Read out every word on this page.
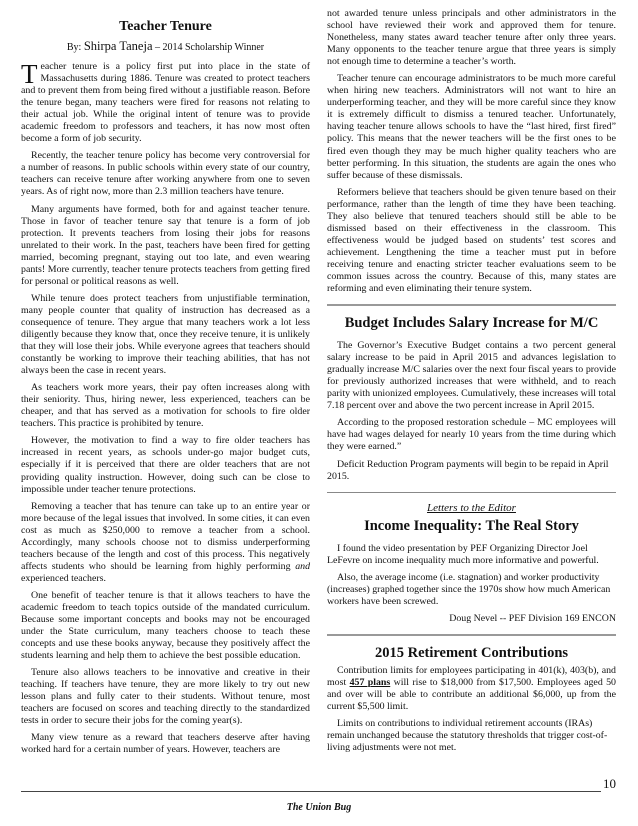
Teacher Tenure
By: Shirpa Taneja – 2014 Scholarship Winner

Teacher tenure is a policy first put into place in the state of Massachusetts during 1886. Tenure was created to protect teachers and to prevent them from being fired without a justifiable reason. Before the tenure began, many teachers were fired for reasons not relating to their actual job. While the original intent of tenure was to provide academic freedom to professors and teachers, it has now most often become a form of job security.

Recently, the teacher tenure policy has become very controversial for a number of reasons. In public schools within every state of our country, teachers can receive tenure after working anywhere from one to seven years. As of right now, more than 2.3 million teachers have tenure.

Many arguments have formed, both for and against teacher tenure. Those in favor of teacher tenure say that tenure is a form of job protection. It prevents teachers from losing their jobs for reasons unrelated to their work. In the past, teachers have been fired for getting married, becoming pregnant, staying out too late, and even wearing pants! More currently, teacher tenure protects teachers from getting fired for personal or political reasons as well.

While tenure does protect teachers from unjustifiable termination, many people counter that quality of instruction has decreased as a consequence of tenure. They argue that many teachers work a lot less diligently because they know that, once they receive tenure, it is unlikely that they will lose their jobs. While everyone agrees that teachers should constantly be working to improve their teaching abilities, that has not always been the case in recent years.

As teachers work more years, their pay often increases along with their seniority. Thus, hiring newer, less experienced, teachers can be cheaper, and that has served as a motivation for schools to fire older teachers. This practice is prohibited by tenure.

However, the motivation to find a way to fire older teachers has increased in recent years, as schools under-go major budget cuts, especially if it is perceived that there are older teachers that are not providing quality instruction. However, doing such can be close to impossible under teacher tenure protections.

Removing a teacher that has tenure can take up to an entire year or more because of the legal issues that involved. In some cities, it can even cost as much as $250,000 to remove a teacher from a school. Accordingly, many schools choose not to dismiss underperforming teachers because of the length and cost of this process. This negatively affects students who should be learning from highly performing and experienced teachers.

One benefit of teacher tenure is that it allows teachers to have the academic freedom to teach topics outside of the mandated curriculum. Because some important concepts and books may not be encouraged under the State curriculum, many teachers choose to teach these concepts and use these books anyway, because they positively affect the students learning and help them to achieve the best possible education.

Tenure also allows teachers to be innovative and creative in their teaching. If teachers have tenure, they are more likely to try out new lesson plans and fully cater to their students. Without tenure, most teachers are focused on scores and teaching directly to the standardized tests in order to secure their jobs for the coming year(s).

Many view tenure as a reward that teachers deserve after having worked hard for a certain number of years. However, teachers are

not awarded tenure unless principals and other administrators in the school have reviewed their work and approved them for tenure. Nonetheless, many states award teacher tenure after only three years. Many opponents to the teacher tenure argue that three years is simply not enough time to determine a teacher’s worth.

Teacher tenure can encourage administrators to be much more careful when hiring new teachers. Administrators will not want to hire an underperforming teacher, and they will be more careful since they know it is extremely difficult to dismiss a tenured teacher. Unfortunately, having teacher tenure allows schools to have the “last hired, first fired” policy. This means that the newer teachers will be the first ones to be fired even though they may be much higher quality teachers who are better performing. In this situation, the students are again the ones who suffer because of these dismissals.

Reformers believe that teachers should be given tenure based on their performance, rather than the length of time they have been teaching. They also believe that tenured teachers should still be able to be dismissed based on their effectiveness in the classroom. This effectiveness would be judged based on students’ test scores and achievement. Lengthening the time a teacher must put in before receiving tenure and enacting stricter teacher evaluations seem to be common issues across the country. Because of this, many states are reforming and even eliminating their tenure system.

Budget Includes Salary Increase for M/C

The Governor’s Executive Budget contains a two percent general salary increase to be paid in April 2015 and advances legislation to gradually increase M/C salaries over the next four fiscal years to provide for previously authorized increases that were withheld, and to reach parity with unionized employees. Cumulatively, these increases will total 7.18 percent over and above the two percent increase in April 2015.

According to the proposed restoration schedule – MC employees will have had wages delayed for nearly 10 years from the time during which they were earned.”

Deficit Reduction Program payments will begin to be repaid in April 2015.

Letters to the Editor
Income Inequality: The Real Story

I found the video presentation by PEF Organizing Director Joel LeFevre on income inequality much more informative and powerful.

Also, the average income (i.e. stagnation) and worker productivity (increases) graphed together since the 1970s show how much American workers have been screwed.

Doug Nevel -- PEF Division 169 ENCON

2015 Retirement Contributions

Contribution limits for employees participating in 401(k), 403(b), and most 457 plans will rise to $18,000 from $17,500. Employees aged 50 and over will be able to contribute an additional $6,000, up from the current $5,500 limit.

Limits on contributions to individual retirement accounts (IRAs) remain unchanged because the statutory thresholds that trigger cost-of-living adjustments were not met.

10
The Union Bug
